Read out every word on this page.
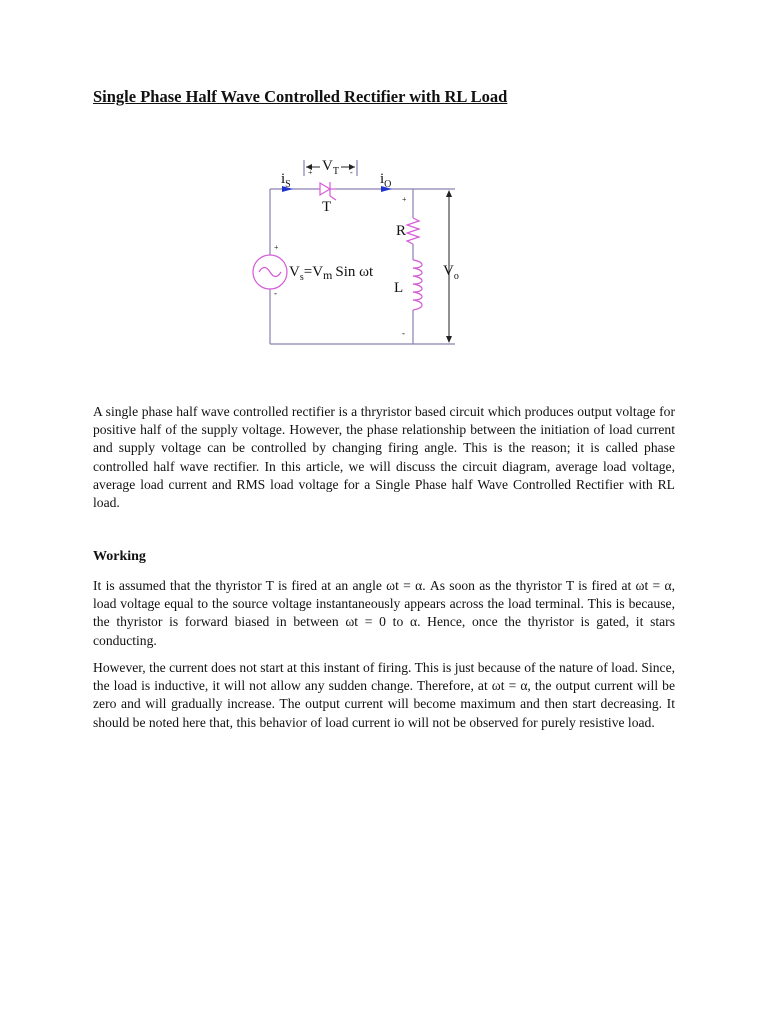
Single Phase Half Wave Controlled Rectifier with RL Load
$i_S$
$V_T$
+	- $i_O$
T	+
R
L
-
$V_o$
+
-
$V_s=V_m$ Sin ωt

A single phase half wave controlled rectifier is a thryristor based circuit which produces output voltage for positive half of the supply voltage. However, the phase relationship between the initiation of load current and supply voltage can be controlled by changing firing angle. This is the reason; it is called phase controlled half wave rectifier. In this article, we will discuss the circuit diagram, average load voltage, average load current and RMS load voltage for a Single Phase half Wave Controlled Rectifier with RL load.

Working

It is assumed that the thyristor T is fired at an angle ωt = α. As soon as the thyristor T is fired at ωt = α, load voltage equal to the source voltage instantaneously appears across the load terminal. This is because, the thyristor is forward biased in between ωt = 0 to α. Hence, once the thyristor is gated, it stars conducting.

However, the current does not start at this instant of firing. This is just because of the nature of load. Since, the load is inductive, it will not allow any sudden change. Therefore, at ωt = α, the output current will be zero and will gradually increase. The output current will become maximum and then start decreasing. It should be noted here that, this behavior of load current io will not be observed for purely resistive load.
